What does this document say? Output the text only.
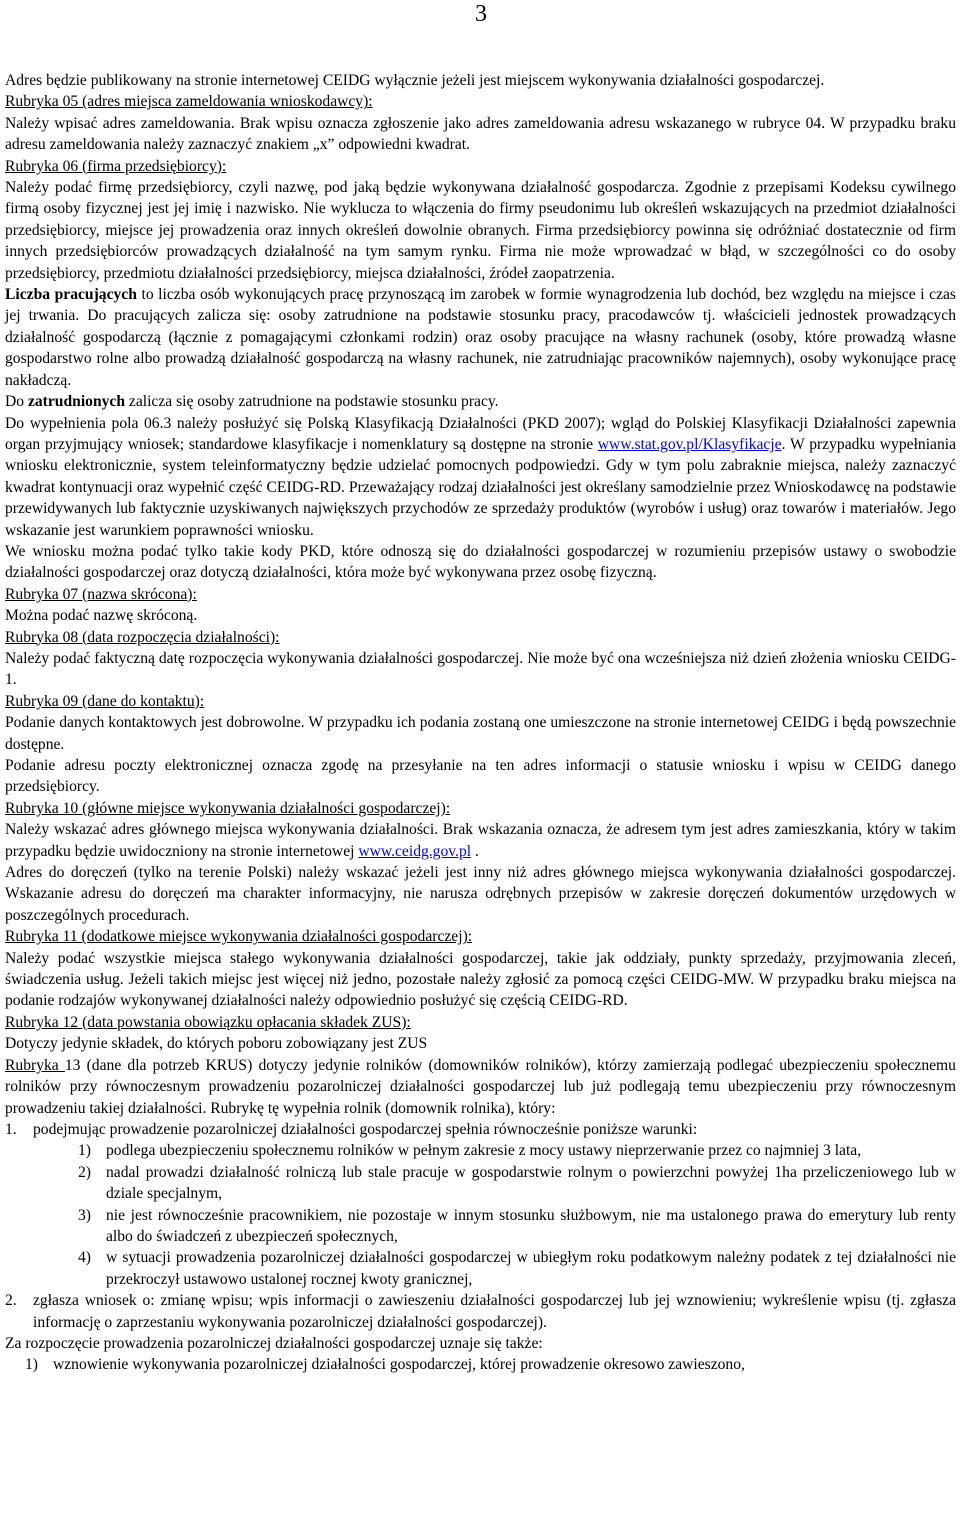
3

Adres będzie publikowany na stronie internetowej CEIDG wyłącznie jeżeli jest miejscem wykonywania działalności gospodarczej.

Rubryka 05 (adres miejsca zameldowania wnioskodawcy):

Należy wpisać adres zameldowania. Brak wpisu oznacza zgłoszenie jako adres zameldowania adresu wskazanego w rubryce 04. W przypadku braku adresu zameldowania należy zaznaczyć znakiem „x” odpowiedni kwadrat.

Rubryka 06 (firma przedsiębiorcy):

Należy podać firmę przedsiębiorcy, czyli nazwę, pod jaką będzie wykonywana działalność gospodarcza. Zgodnie z przepisami Kodeksu cywilnego firmą osoby fizycznej jest jej imię i nazwisko. Nie wyklucza to włączenia do firmy pseudonimu lub określeń wskazujących na przedmiot działalności przedsiębiorcy, miejsce jej prowadzenia oraz innych określeń dowolnie obranych. Firma przedsiębiorcy powinna się odróżniać dostatecznie od firm innych przedsiębiorców prowadzących działalność na tym samym rynku. Firma nie może wprowadzać w błąd, w szczególności co do osoby przedsiębiorcy, przedmiotu działalności przedsiębiorcy, miejsca działalności, źródeł zaopatrzenia.

Liczba pracujących to liczba osób wykonujących pracę przynoszącą im zarobek w formie wynagrodzenia lub dochód, bez względu na miejsce i czas jej trwania. Do pracujących zalicza się: osoby zatrudnione na podstawie stosunku pracy, pracodawców tj. właścicieli jednostek prowadzących działalność gospodarczą (łącznie z pomagającymi członkami rodzin) oraz osoby pracujące na własny rachunek (osoby, które prowadzą własne gospodarstwo rolne albo prowadzą działalność gospodarczą na własny rachunek, nie zatrudniając pracowników najemnych), osoby wykonujące pracę nakładczą.

Do zatrudnionych zalicza się osoby zatrudnione na podstawie stosunku pracy.

Do wypełnienia pola 06.3 należy posłużyć się Polską Klasyfikacją Działalności (PKD 2007); wgląd do Polskiej Klasyfikacji Działalności zapewnia organ przyjmujący wniosek; standardowe klasyfikacje i nomenklatury są dostępne na stronie www.stat.gov.pl/Klasyfikacje. W przypadku wypełniania wniosku elektronicznie, system teleinformatyczny będzie udzielać pomocnych podpowiedzi. Gdy w tym polu zabraknie miejsca, należy zaznaczyć kwadrat kontynuacji oraz wypełnić część CEIDG-RD. Przeważający rodzaj działalności jest określany samodzielnie przez Wnioskodawcę na podstawie przewidywanych lub faktycznie uzyskiwanych największych przychodów ze sprzedaży produktów (wyrobów i usług) oraz towarów i materiałów. Jego wskazanie jest warunkiem poprawności wniosku.

We wniosku można podać tylko takie kody PKD, które odnoszą się do działalności gospodarczej w rozumieniu przepisów ustawy o swobodzie działalności gospodarczej oraz dotyczą działalności, która może być wykonywana przez osobę fizyczną.

Rubryka 07 (nazwa skrócona):

Można podać nazwę skróconą.

Rubryka 08 (data rozpoczęcia działalności):

Należy podać faktyczną datę rozpoczęcia wykonywania działalności gospodarczej. Nie może być ona wcześniejsza niż dzień złożenia wniosku CEIDG-1.

Rubryka 09 (dane do kontaktu):

Podanie danych kontaktowych jest dobrowolne. W przypadku ich podania zostaną one umieszczone na stronie internetowej CEIDG i będą powszechnie dostępne.

Podanie adresu poczty elektronicznej oznacza zgodę na przesyłanie na ten adres informacji o statusie wniosku i wpisu w CEIDG danego przedsiębiorcy.

Rubryka 10 (główne miejsce wykonywania działalności gospodarczej):

Należy wskazać adres głównego miejsca wykonywania działalności. Brak wskazania oznacza, że adresem tym jest adres zamieszkania, który w takim przypadku będzie uwidoczniony na stronie internetowej www.ceidg.gov.pl .

Adres do doręczeń (tylko na terenie Polski) należy wskazać jeżeli jest inny niż adres głównego miejsca wykonywania działalności gospodarczej. Wskazanie adresu do doręczeń ma charakter informacyjny, nie narusza odrębnych przepisów w zakresie doręczeń dokumentów urzędowych w poszczególnych procedurach.

Rubryka 11 (dodatkowe miejsce wykonywania działalności gospodarczej):

Należy podać wszystkie miejsca stałego wykonywania działalności gospodarczej, takie jak oddziały, punkty sprzedaży, przyjmowania zleceń, świadczenia usług. Jeżeli takich miejsc jest więcej niż jedno, pozostałe należy zgłosić za pomocą części CEIDG-MW. W przypadku braku miejsca na podanie rodzajów wykonywanej działalności należy odpowiednio posłużyć się częścią CEIDG-RD.

Rubryka 12 (data powstania obowiązku opłacania składek ZUS):

Dotyczy jedynie składek, do których poboru zobowiązany jest ZUS

Rubryka 13 (dane dla potrzeb KRUS) dotyczy jedynie rolników (domowników rolników), którzy zamierzają podlegać ubezpieczeniu społecznemu rolników przy równoczesnym prowadzeniu pozarolniczej działalności gospodarczej lub już podlegają temu ubezpieczeniu przy równoczesnym prowadzeniu takiej działalności. Rubrykę tę wypełnia rolnik (domownik rolnika), który:

1. podejmując prowadzenie pozarolniczej działalności gospodarczej spełnia równocześnie poniższe warunki:
1) podlega ubezpieczeniu społecznemu rolników w pełnym zakresie z mocy ustawy nieprzerwanie przez co najmniej 3 lata,
2) nadal prowadzi działalność rolniczą lub stale pracuje w gospodarstwie rolnym o powierzchni powyżej 1ha przeliczeniowego lub w dziale specjalnym,
3) nie jest równocześnie pracownikiem, nie pozostaje w innym stosunku służbowym, nie ma ustalonego prawa do emerytury lub renty albo do świadczeń z ubezpieczeń społecznych,
4) w sytuacji prowadzenia pozarolniczej działalności gospodarczej w ubiegłym roku podatkowym należny podatek z tej działalności nie przekroczył ustawowo ustalonej rocznej kwoty granicznej,
2. zgłasza wniosek o: zmianę wpisu; wpis informacji o zawieszeniu działalności gospodarczej lub jej wznowieniu; wykreślenie wpisu (tj. zgłasza informację o zaprzestaniu wykonywania pozarolniczej działalności gospodarczej).

Za rozpoczęcie prowadzenia pozarolniczej działalności gospodarczej uznaje się także:

1) wznowienie wykonywania pozarolniczej działalności gospodarczej, której prowadzenie okresowo zawieszono,
